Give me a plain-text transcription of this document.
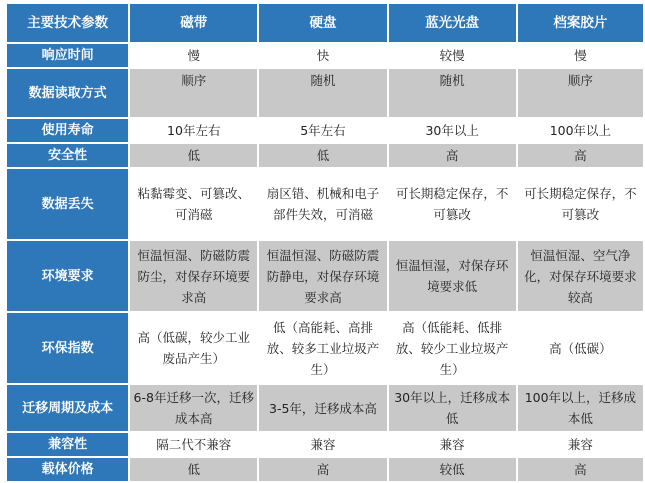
主要技术参数	磁带	硬盘	蓝光光盘	档案胶片
响应时间	慢	快	较慢	慢
数据读取方式	顺序	随机	随机	顺序
使用寿命	10年左右	5年左右	30年以上	100年以上
安全性	低	低	高	高
数据丢失	粘黏霉变、可篡改、可消磁	扇区错、机械和电子部件失效，可消磁	可长期稳定保存，不可篡改	可长期稳定保存，不可篡改
环境要求	恒温恒湿、防磁防震防尘，对保存环境要求高	恒温恒湿、防磁防震防静电，对保存环境要求高	恒温恒湿，对保存环境要求低	恒温恒湿、空气净化，对保存环境要求较高
环保指数	高（低碳，较少工业废品产生）	低（高能耗、高排放、较多工业垃圾产生）	高（低能耗、低排放、较少工业垃圾产生）	高（低碳）
迁移周期及成本	6-8年迁移一次，迁移成本高	3-5年，迁移成本高	30年以上，迁移成本低	100年以上，迁移成本低
兼容性	隔二代不兼容	兼容	兼容	兼容
载体价格	低	高	较低	高
